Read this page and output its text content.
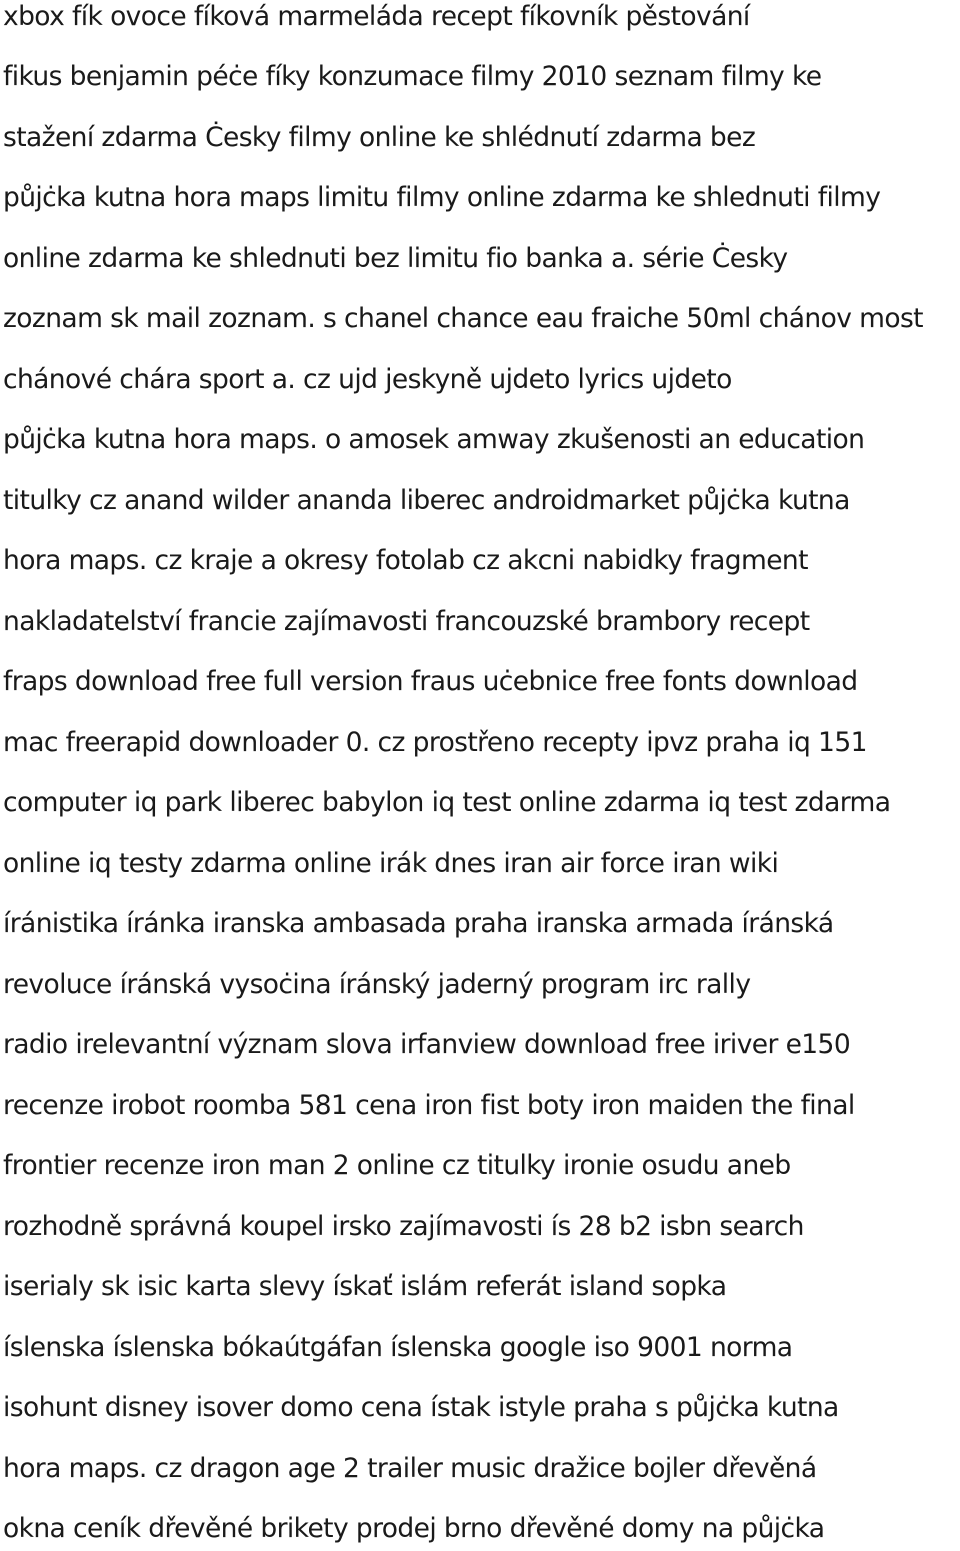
xbox fík ovoce fíková marmeláda recept fíkovník pěstování
fikus benjamin péċe fíky konzumace filmy 2010 seznam filmy ke
stažení zdarma Ċesky filmy online ke shlédnutí zdarma bez
půjċka kutna hora maps limitu filmy online zdarma ke shlednuti filmy
online zdarma ke shlednuti bez limitu fio banka a. série Ċesky
zoznam sk mail zoznam. s chanel chance eau fraiche 50ml chánov most
chánové chára sport a. cz ujd jeskyně ujdeto lyrics ujdeto
půjċka kutna hora maps. o amosek amway zkušenosti an education
titulky cz anand wilder ananda liberec androidmarket půjċka kutna
hora maps. cz kraje a okresy fotolab cz akcni nabidky fragment
nakladatelství francie zajímavosti francouzské brambory recept
fraps download free full version fraus uċebnice free fonts download
mac freerapid downloader 0. cz prostřeno recepty ipvz praha iq 151
computer iq park liberec babylon iq test online zdarma iq test zdarma
online iq testy zdarma online irák dnes iran air force iran wiki
íránistika íránka iranska ambasada praha iranska armada íránská
revoluce íránská vysoċina íránský jaderný program irc rally
radio irelevantní význam slova irfanview download free iriver e150
recenze irobot roomba 581 cena iron fist boty iron maiden the final
frontier recenze iron man 2 online cz titulky ironie osudu aneb
rozhodně správná koupel irsko zajímavosti ís 28 b2 isbn search
iserialy sk isic karta slevy ískať islám referát island sopka
íslenska íslenska bókaútgáfan íslenska google iso 9001 norma
isohunt disney isover domo cena ístak istyle praha s půjċka kutna
hora maps. cz dragon age 2 trailer music dražice bojler dřevěná
okna ceník dřevěné brikety prodej brno dřevěné domy na půjċka
